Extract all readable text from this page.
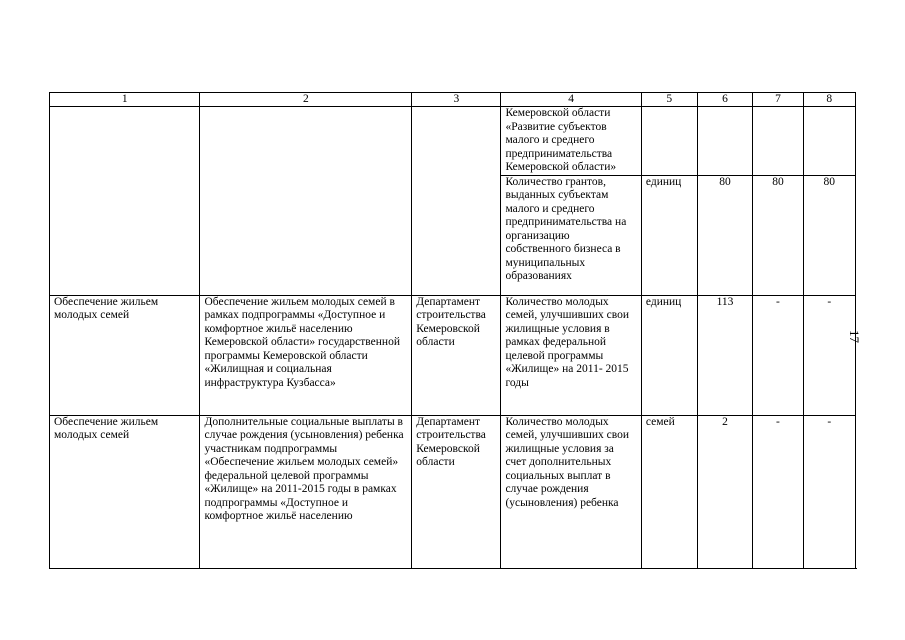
1	2	3	4	5	6	7	8
			Кемеровской области «Развитие субъектов малого и среднего предпринимательства Кемеровской области»				
			Количество грантов, выданных субъектам малого и среднего предпринимательства на организацию собственного бизнеса в муниципальных образованиях	единиц	80	80	80
Обеспечение жильем молодых семей	Обеспечение жильем молодых семей в рамках подпрограммы «Доступное и комфортное жильё населению Кемеровской области» государственной программы Кемеровской области «Жилищная и социальная инфраструктура Кузбасса»	Департамент строительства Кемеровской области	Количество молодых семей, улучшивших свои жилищные условия в рамках федеральной целевой программы «Жилище» на 2011- 2015 годы	единиц	113	-	-
Обеспечение жильем молодых семей	Дополнительные социальные выплаты в случае рождения (усыновления) ребенка участникам подпрограммы «Обеспечение жильем молодых семей» федеральной целевой программы «Жилище» на 2011-2015 годы в рамках подпрограммы «Доступное и комфортное жильё населению	Департамент строительства Кемеровской области	Количество молодых семей, улучшивших свои жилищные условия за счет дополнительных социальных выплат в случае рождения (усыновления) ребенка	семей	2	-	-
17
